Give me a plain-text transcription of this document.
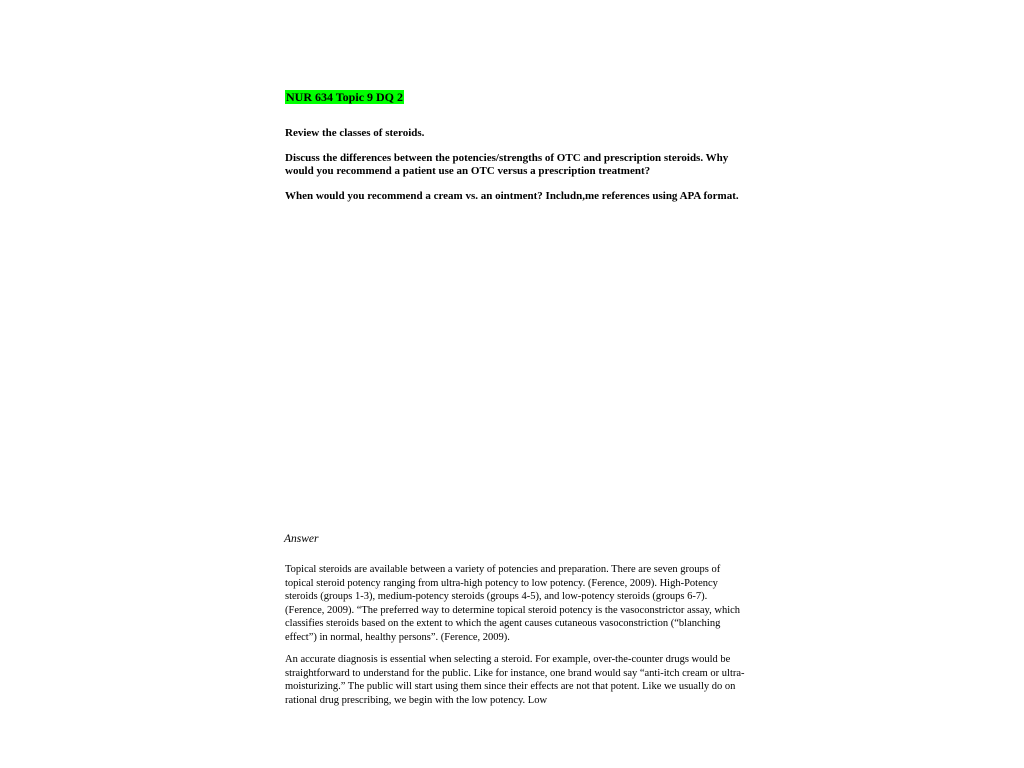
NUR 634 Topic 9 DQ 2

Review the classes of steroids.

Discuss the differences between the potencies/strengths of OTC and prescription steroids. Why would you recommend a patient use an OTC versus a prescription treatment?

When would you recommend a cream vs. an ointment? Includn,me references using APA format.

Answer

Topical steroids are available between a variety of potencies and preparation. There are seven groups of topical steroid potency ranging from ultra-high potency to low potency. (Ference, 2009). High-Potency steroids (groups 1-3), medium-potency steroids (groups 4-5), and low-potency steroids (groups 6-7). (Ference, 2009). “The preferred way to determine topical steroid potency is the vasoconstrictor assay, which classifies steroids based on the extent to which the agent causes cutaneous vasoconstriction (“blanching effect”) in normal, healthy persons”. (Ference, 2009).

An accurate diagnosis is essential when selecting a steroid. For example, over-the-counter drugs would be straightforward to understand for the public. Like for instance, one brand would say “anti-itch cream or ultra-moisturizing.” The public will start using them since their effects are not that potent. Like we usually do on rational drug prescribing, we begin with the low potency. Low
